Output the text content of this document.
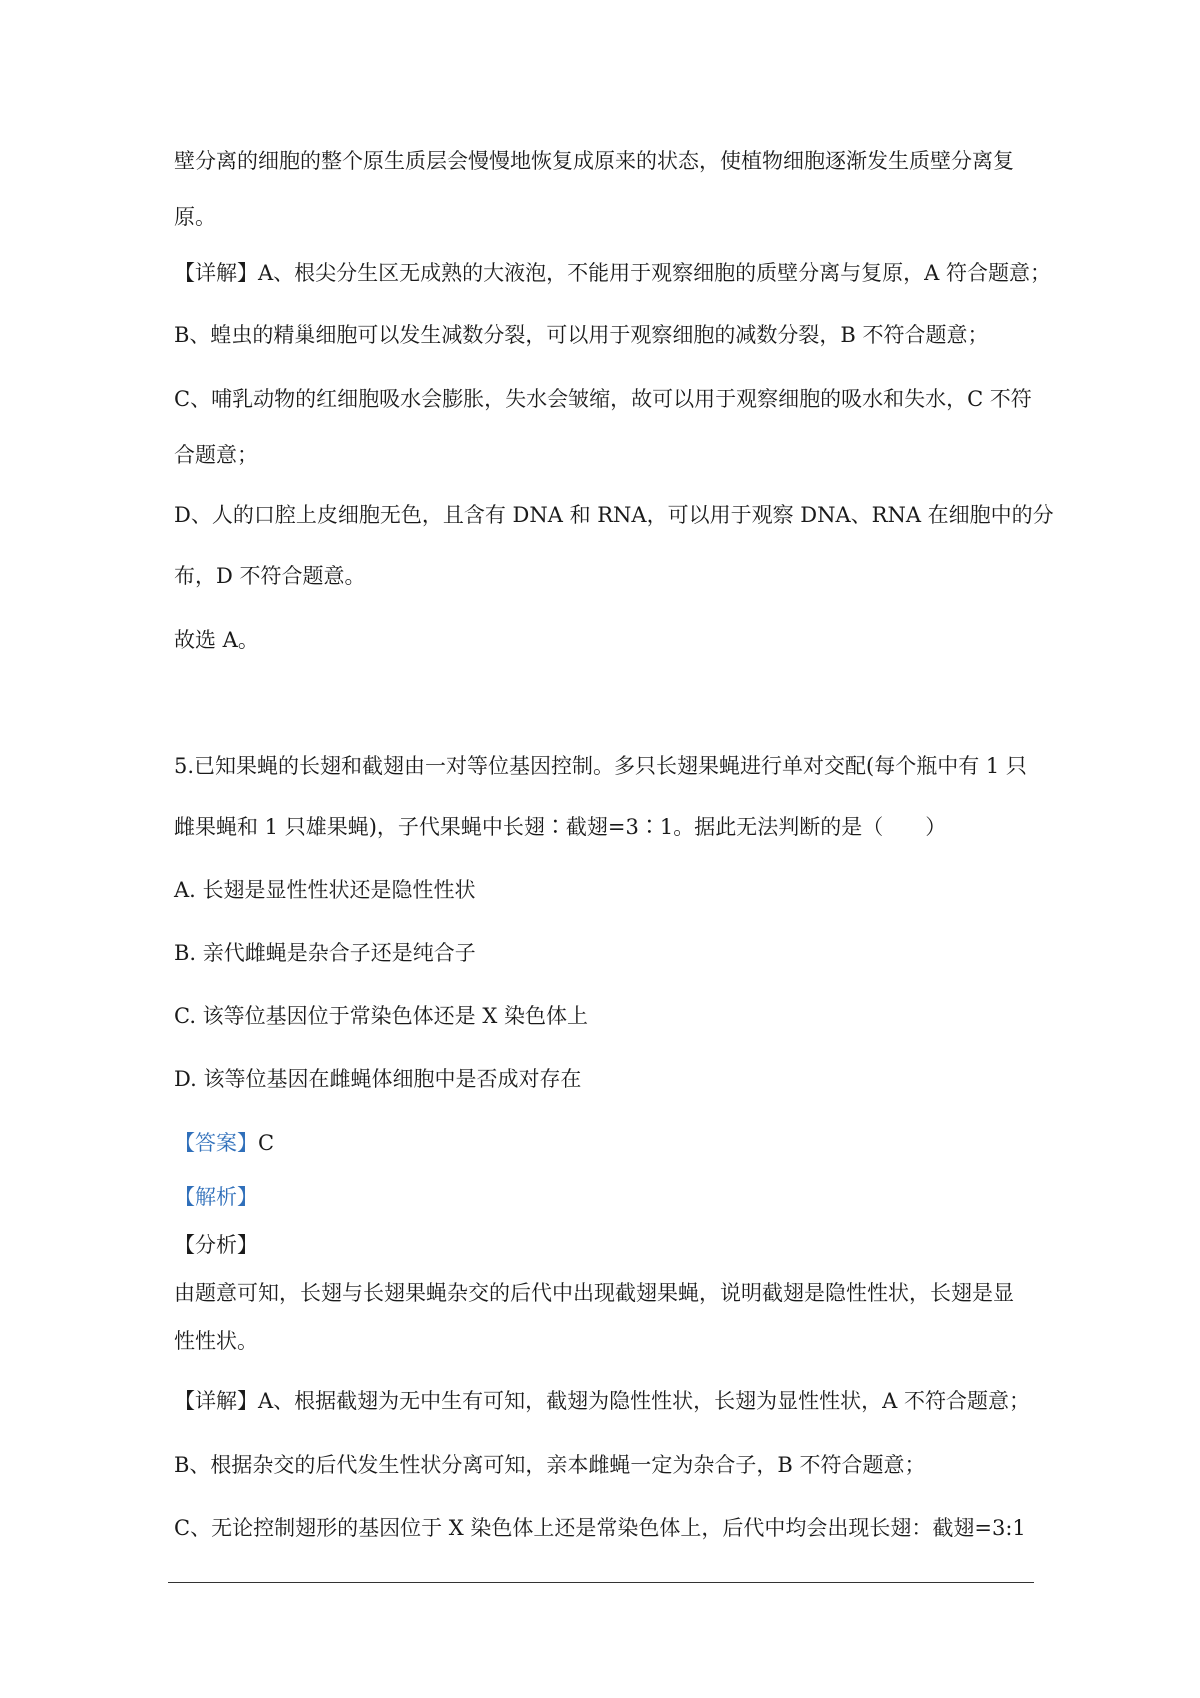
壁分离的细胞的整个原生质层会慢慢地恢复成原来的状态，使植物细胞逐渐发生质壁分离复
原。
【详解】A、根尖分生区无成熟的大液泡，不能用于观察细胞的质壁分离与复原，A 符合题意；
B、蝗虫的精巢细胞可以发生减数分裂，可以用于观察细胞的减数分裂，B 不符合题意；
C、哺乳动物的红细胞吸水会膨胀，失水会皱缩，故可以用于观察细胞的吸水和失水，C 不符
合题意；
D、人的口腔上皮细胞无色，且含有 DNA 和 RNA，可以用于观察 DNA、RNA 在细胞中的分
布，D 不符合题意。
故选 A。
5.已知果蝇的长翅和截翅由一对等位基因控制。多只长翅果蝇进行单对交配(每个瓶中有 1 只
雌果蝇和 1 只雄果蝇)，子代果蝇中长翅∶截翅=3∶1。据此无法判断的是（　　）
A. 长翅是显性性状还是隐性性状
B. 亲代雌蝇是杂合子还是纯合子
C. 该等位基因位于常染色体还是 X 染色体上
D. 该等位基因在雌蝇体细胞中是否成对存在
【答案】C
【解析】
【分析】
由题意可知，长翅与长翅果蝇杂交的后代中出现截翅果蝇，说明截翅是隐性性状，长翅是显
性性状。
【详解】A、根据截翅为无中生有可知，截翅为隐性性状，长翅为显性性状，A 不符合题意；
B、根据杂交的后代发生性状分离可知，亲本雌蝇一定为杂合子，B 不符合题意；
C、无论控制翅形的基因位于 X 染色体上还是常染色体上，后代中均会出现长翅：截翅=3:1
